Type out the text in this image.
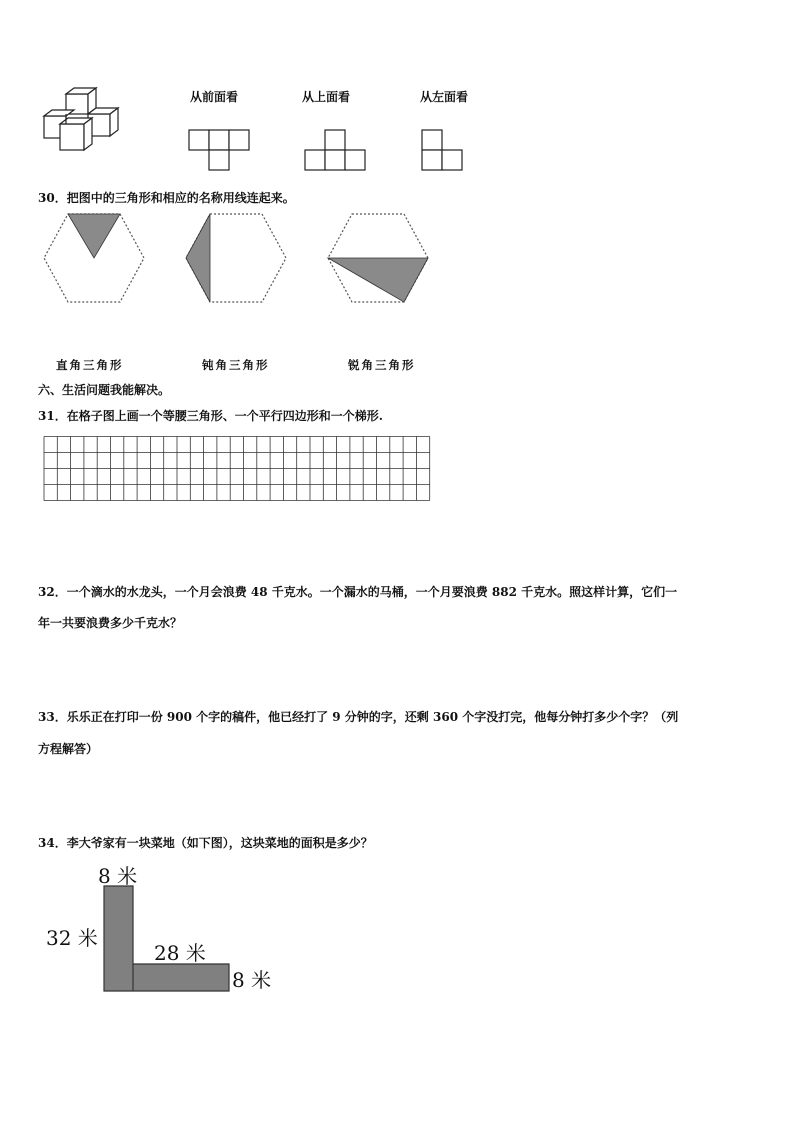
从前面看	从上面看	从左面看
30．把图中的三角形和相应的名称用线连起来。
直角三角形	钝角三角形	锐角三角形
六、生活问题我能解决。
31．在格子图上画一个等腰三角形、一个平行四边形和一个梯形.
32．一个滴水的水龙头，一个月会浪费 48 千克水。一个漏水的马桶，一个月要浪费 882 千克水。照这样计算，它们一
年一共要浪费多少千克水？
33．乐乐正在打印一份 900 个字的稿件，他已经打了 9 分钟的字，还剩 360 个字没打完，他每分钟打多少个字？（列
方程解答）
34．李大爷家有一块菜地（如下图），这块菜地的面积是多少？
8 米
32 米
28 米
8 米
